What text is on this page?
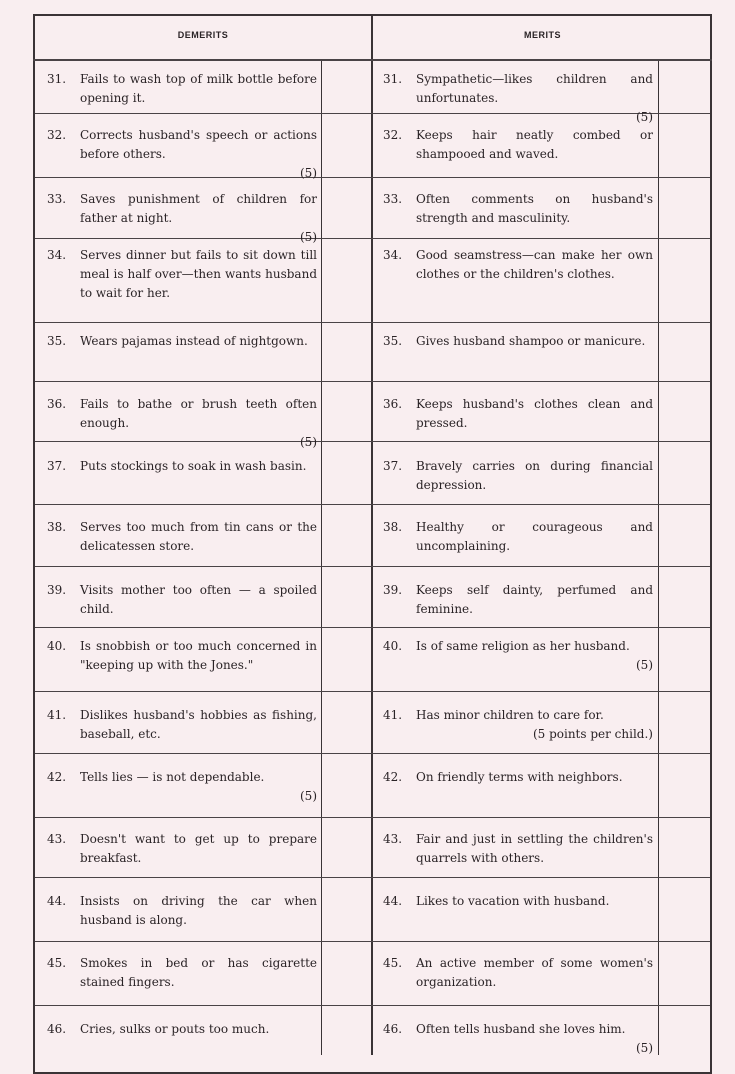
DEMERITS	MERITS
31. Fails to wash top of milk bottle before opening it.
32. Corrects husband's speech or actions before others.
(5)
33. Saves punishment of children for father at night.
(5)
34. Serves dinner but fails to sit down till meal is half over—then wants husband to wait for her.
35. Wears pajamas instead of nightgown.
36. Fails to bathe or brush teeth often enough.
(5)
37. Puts stockings to soak in wash basin.
38. Serves too much from tin cans or the delicatessen store.
39. Visits mother too often — a spoiled child.
40. Is snobbish or too much concerned in "keeping up with the Jones."
41. Dislikes husband's hobbies as fishing, baseball, etc.
42. Tells lies — is not dependable.
(5)
43. Doesn't want to get up to prepare breakfast.
44. Insists on driving the car when husband is along.
45. Smokes in bed or has cigarette stained fingers.
46. Cries, sulks or pouts too much.
31. Sympathetic—likes children and unfortunates.
(5)
32. Keeps hair neatly combed or shampooed and waved.
33. Often comments on husband's strength and masculinity.
34. Good seamstress—can make her own clothes or the children's clothes.
35. Gives husband shampoo or manicure.
36. Keeps husband's clothes clean and pressed.
37. Bravely carries on during financial depression.
38. Healthy or courageous and uncomplaining.
39. Keeps self dainty, perfumed and feminine.
40. Is of same religion as her husband.
(5)
41. Has minor children to care for.
(5 points per child.)
42. On friendly terms with neighbors.
43. Fair and just in settling the children's quarrels with others.
44. Likes to vacation with husband.
45. An active member of some women's organization.
46. Often tells husband she loves him.
(5)
